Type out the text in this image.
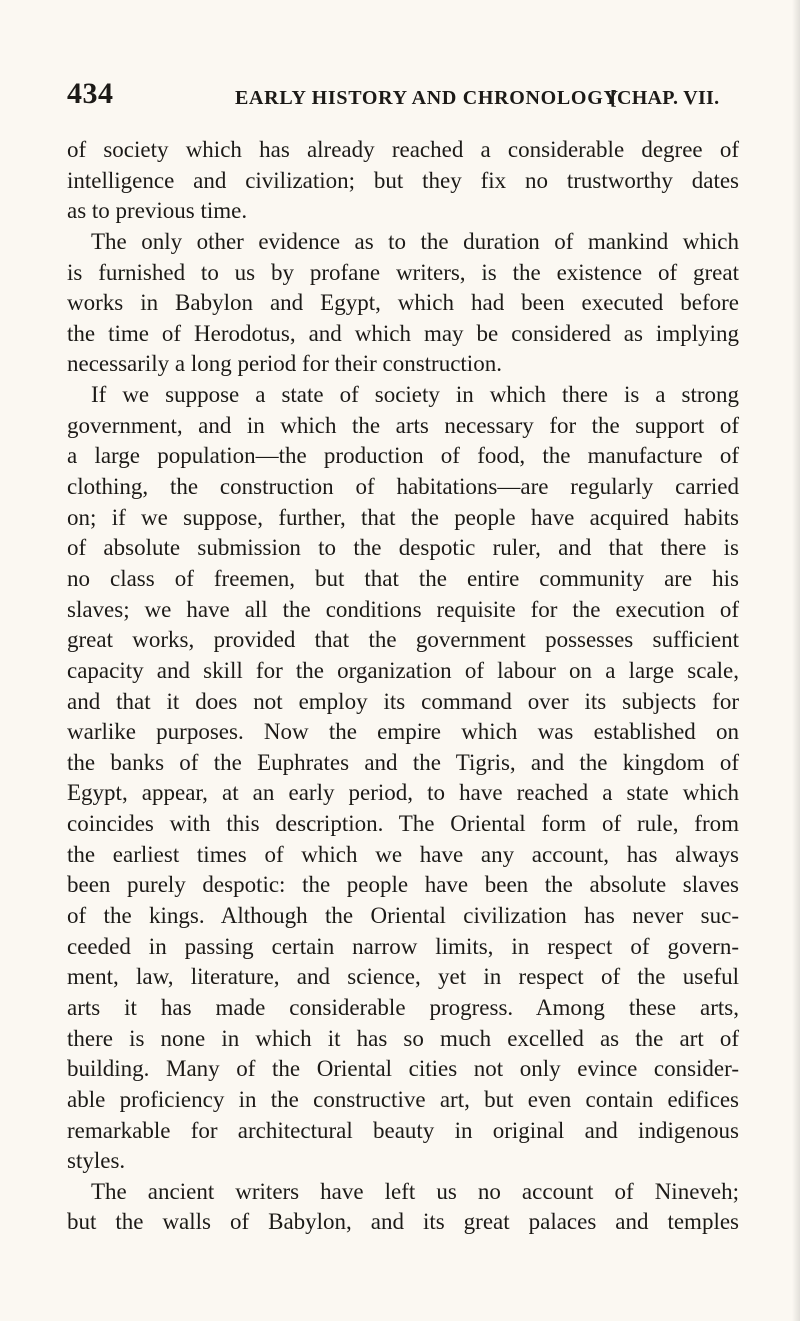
434	EARLY HISTORY AND CHRONOLOGY
[CHAP. VII.
of society which has already reached a considerable degree of
intelligence and civilization; but they fix no trustworthy dates
as to previous time.
The only other evidence as to the duration of mankind which
is furnished to us by profane writers, is the existence of great
works in Babylon and Egypt, which had been executed before
the time of Herodotus, and which may be considered as implying
necessarily a long period for their construction.
If we suppose a state of society in which there is a strong
government, and in which the arts necessary for the support of
a large population—the production of food, the manufacture of
clothing, the construction of habitations—are regularly carried
on; if we suppose, further, that the people have acquired habits
of absolute submission to the despotic ruler, and that there is
no class of freemen, but that the entire community are his
slaves; we have all the conditions requisite for the execution of
great works, provided that the government possesses sufficient
capacity and skill for the organization of labour on a large scale,
and that it does not employ its command over its subjects for
warlike purposes. Now the empire which was established on
the banks of the Euphrates and the Tigris, and the kingdom of
Egypt, appear, at an early period, to have reached a state which
coincides with this description. The Oriental form of rule, from
the earliest times of which we have any account, has always
been purely despotic: the people have been the absolute slaves
of the kings. Although the Oriental civilization has never suc-
ceeded in passing certain narrow limits, in respect of govern-
ment, law, literature, and science, yet in respect of the useful
arts it has made considerable progress. Among these arts,
there is none in which it has so much excelled as the art of
building. Many of the Oriental cities not only evince consider-
able proficiency in the constructive art, but even contain edifices
remarkable for architectural beauty in original and indigenous
styles.
The ancient writers have left us no account of Nineveh;
but the walls of Babylon, and its great palaces and temples
